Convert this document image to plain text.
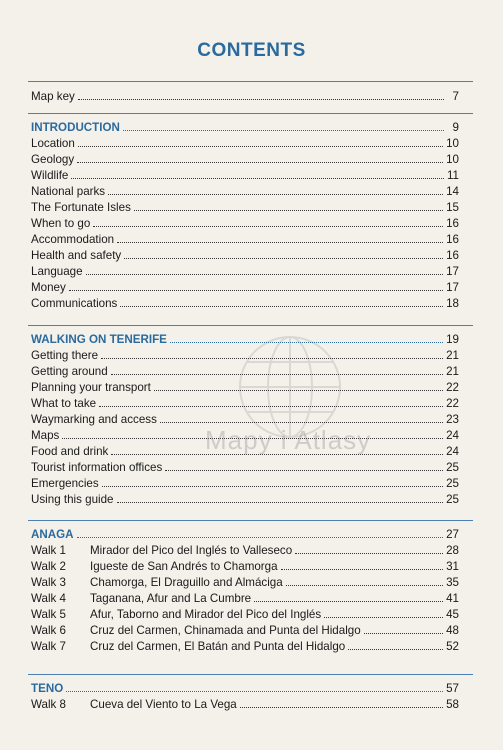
CONTENTS
Map key	7
INTRODUCTION	9
Location	10
Geology	10
Wildlife	11
National parks	14
The Fortunate Isles	15
When to go	16
Accommodation	16
Health and safety	16
Language	17
Money	17
Communications	18
WALKING ON TENERIFE	19
Getting there	21
Getting around	21
Planning your transport	22
What to take	22
Waymarking and access	23
Maps	24
Food and drink	24
Tourist information offices	25
Emergencies	25
Using this guide	25
ANAGA	27
Walk 1	Mirador del Pico del Inglés to Valleseco	28
Walk 2	Igueste de San Andrés to Chamorga	31
Walk 3	Chamorga, El Draguillo and Almáciga	35
Walk 4	Taganana, Afur and La Cumbre	41
Walk 5	Afur, Taborno and Mirador del Pico del Inglés	45
Walk 6	Cruz del Carmen, Chinamada and Punta del Hidalgo	48
Walk 7	Cruz del Carmen, El Batán and Punta del Hidalgo	52
TENO	57
Walk 8	Cueva del Viento to La Vega	58
Mapy i Atlasy
